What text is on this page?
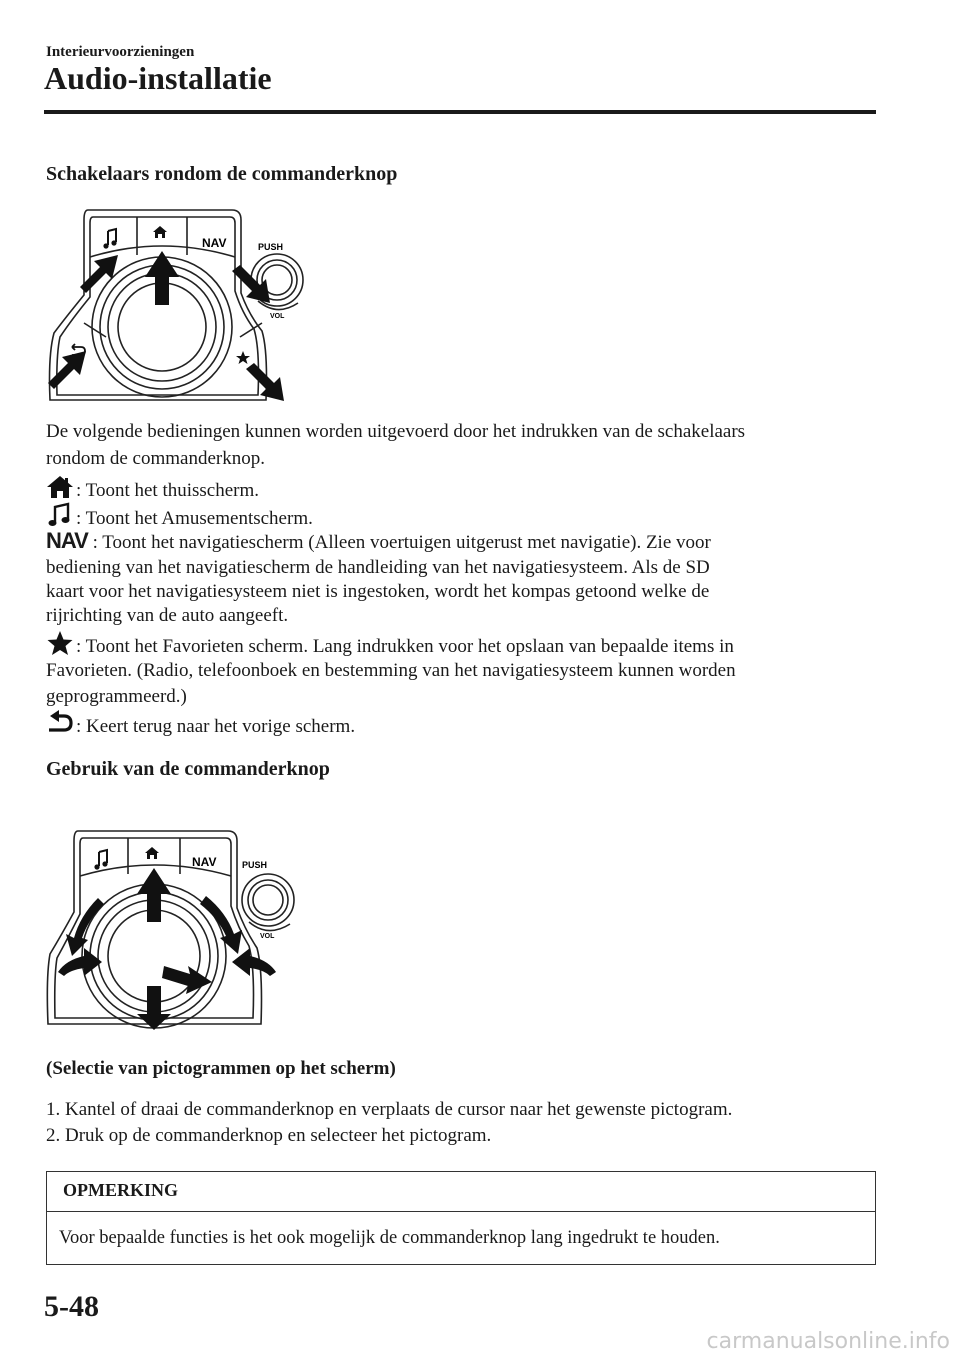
Interieurvoorzieningen
Audio-installatie
Schakelaars rondom de commanderknop
NAV	PUSH
VOL
De volgende bedieningen kunnen worden uitgevoerd door het indrukken van de schakelaars
rondom de commanderknop.
: Toont het thuisscherm.
: Toont het Amusementscherm.
NAV : Toont het navigatiescherm (Alleen voertuigen uitgerust met navigatie). Zie voor
bediening van het navigatiescherm de handleiding van het navigatiesysteem. Als de SD
kaart voor het navigatiesysteem niet is ingestoken, wordt het kompas getoond welke de
rijrichting van de auto aangeeft.
: Toont het Favorieten scherm. Lang indrukken voor het opslaan van bepaalde items in
Favorieten. (Radio, telefoonboek en bestemming van het navigatiesysteem kunnen worden
geprogrammeerd.)
: Keert terug naar het vorige scherm.
Gebruik van de commanderknop
NAV	PUSH
VOL
(Selectie van pictogrammen op het scherm)
1. Kantel of draai de commanderknop en verplaats de cursor naar het gewenste pictogram.
2. Druk op de commanderknop en selecteer het pictogram.
OPMERKING
Voor bepaalde functies is het ook mogelijk de commanderknop lang ingedrukt te houden.
5-48
carmanualsonline.info
